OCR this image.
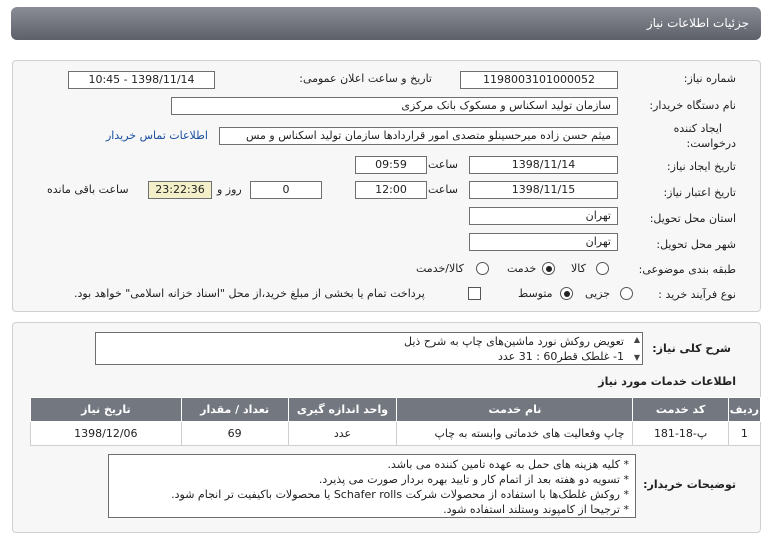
جزئیات اطلاعات نیاز
شماره نیاز:
1198003101000052
تاریخ و ساعت اعلان عمومی:
1398/11/14 - 10:45
نام دستگاه خریدار:
سازمان تولید اسکناس و مسکوک بانک مرکزی
ایجاد کننده
درخواست:
میثم حسن زاده میرحسینلو متصدی امور قراردادها سازمان تولید اسکناس و مس
اطلاعات تماس خریدار
تاریخ ایجاد نیاز:
1398/11/14
ساعت
09:59
تاریخ اعتبار نیاز:
1398/11/15
ساعت
12:00
0
روز و
23:22:36
ساعت باقی مانده
استان محل تحویل:
تهران
شهر محل تحویل:
تهران
طبقه بندی موضوعی:
کالا
خدمت
کالا/خدمت
نوع فرآیند خرید :
جزیی
متوسط
پرداخت تمام یا بخشی از مبلغ خرید،از محل "اسناد خزانه اسلامی" خواهد بود.
شرح کلی نیاز:
▲
▼
تعویض روکش نورد ماشین‌های چاپ به شرح ذیل
1- غلطک قطر60 : 31 عدد
اطلاعات خدمات مورد نیاز
ردیف	کد خدمت	نام خدمت	واحد اندازه گیری	تعداد / مقدار	تاریخ نیاز
1	پ-18-181	چاپ وفعالیت های خدماتی وابسته به چاپ	عدد	69	1398/12/06
توضیحات خریدار:
* کلیه هزینه های حمل به عهده تامین کننده می باشد.
* تسویه دو هفته بعد از اتمام کار و تایید بهره بردار صورت می پذیرد.
* روکش غلطک‌ها با استفاده از محصولات شرکت Schafer rolls یا محصولات باکیفیت تر انجام شود.
* ترجیحا از کامپوند وستلند استفاده شود.
